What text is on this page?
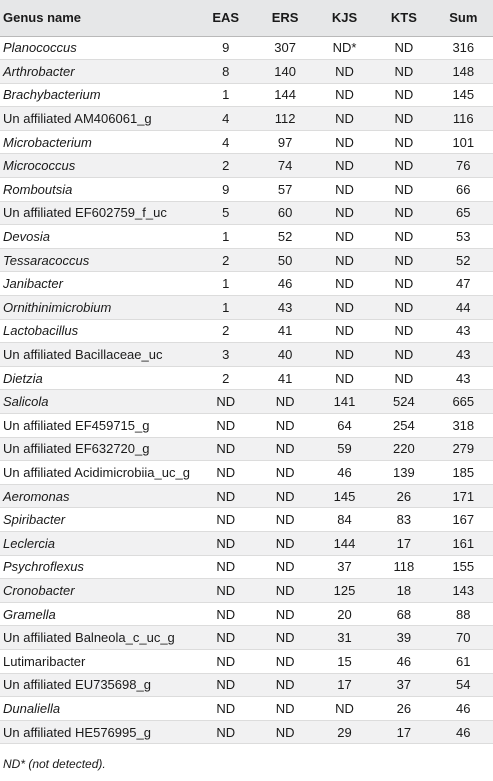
Genus name	EAS	ERS	KJS	KTS	Sum
Planococcus	9	307	ND*	ND	316
Arthrobacter	8	140	ND	ND	148
Brachybacterium	1	144	ND	ND	145
Un affiliated AM406061_g	4	112	ND	ND	116
Microbacterium	4	97	ND	ND	101
Micrococcus	2	74	ND	ND	76
Romboutsia	9	57	ND	ND	66
Un affiliated EF602759_f_uc	5	60	ND	ND	65
Devosia	1	52	ND	ND	53
Tessaracoccus	2	50	ND	ND	52
Janibacter	1	46	ND	ND	47
Ornithinimicrobium	1	43	ND	ND	44
Lactobacillus	2	41	ND	ND	43
Un affiliated Bacillaceae_uc	3	40	ND	ND	43
Dietzia	2	41	ND	ND	43
Salicola	ND	ND	141	524	665
Un affiliated EF459715_g	ND	ND	64	254	318
Un affiliated EF632720_g	ND	ND	59	220	279
Un affiliated Acidimicrobiia_uc_g	ND	ND	46	139	185
Aeromonas	ND	ND	145	26	171
Spiribacter	ND	ND	84	83	167
Leclercia	ND	ND	144	17	161
Psychroflexus	ND	ND	37	118	155
Cronobacter	ND	ND	125	18	143
Gramella	ND	ND	20	68	88
Un affiliated Balneola_c_uc_g	ND	ND	31	39	70
Lutimaribacter	ND	ND	15	46	61
Un affiliated EU735698_g	ND	ND	17	37	54
Dunaliella	ND	ND	ND	26	46
Un affiliated HE576995_g	ND	ND	29	17	46
ND* (not detected).
